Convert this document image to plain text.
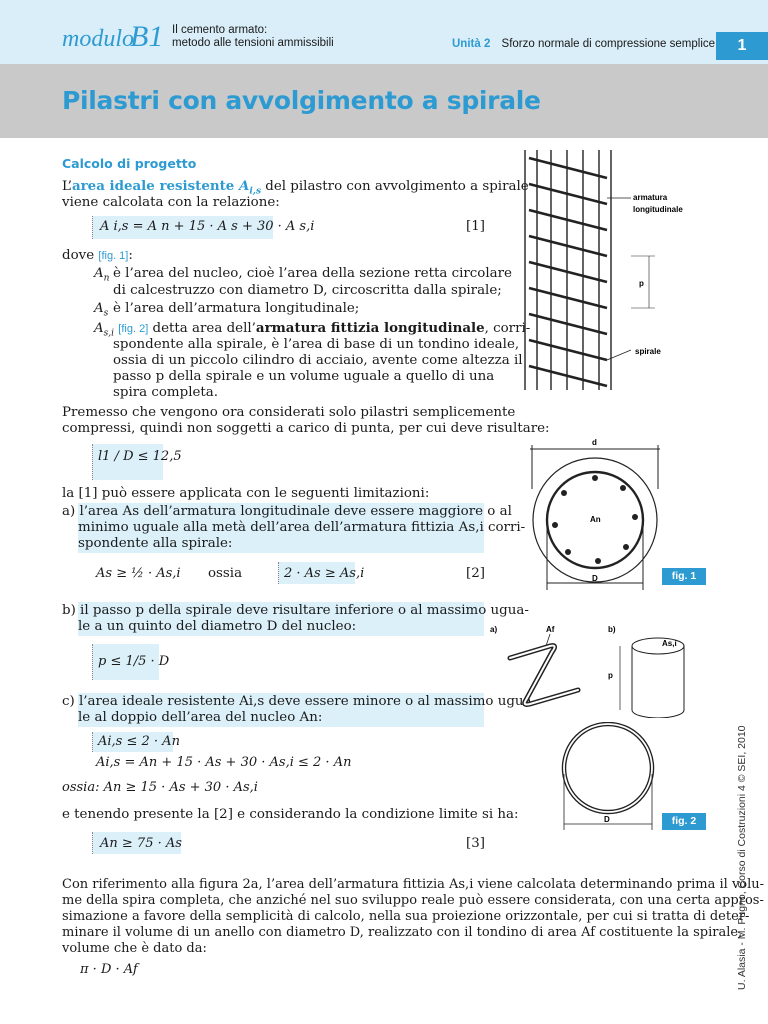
modulo
B1 Il cemento armato:
metodo alle tensioni ammissibili	Unità 2 Sforzo normale di compressione semplice	1
Pilastri con avvolgimento a spirale
Calcolo di progetto
L’area ideale resistente $A_{i,s}$ del pilastro con avvolgimento a spirale
viene calcolata con la relazione:
A i,s = A n + 15 · A s + 30 · A s,i	[1]
dove [fig. 1]:
$A_n$ è l’area del nucleo, cioè l’area della sezione retta circolare
di calcestruzzo con diametro D, circoscritta dalla spirale;
$A_s$ è l’area dell’armatura longitudinale;
$A_{s,i}$ [fig. 2] detta area dell’armatura fittizia longitudinale, corri-
spondente alla spirale, è l’area di base di un tondino ideale,
ossia di un piccolo cilindro di acciaio, avente come altezza il
passo p della spirale e un volume uguale a quello di una
spira completa.
Premesso che vengono ora considerati solo pilastri semplicemente
compressi, quindi non soggetti a carico di punta, per cui deve risultare:
l1 / D ≤ 12,5
la [1] può essere applicata con le seguenti limitazioni:
a) l’area As dell’armatura longitudinale deve essere maggiore o al
minimo uguale alla metà dell’area dell’armatura fittizia As,i corri-
spondente alla spirale:
As ≥ ½ · As,i ossia	2 · As ≥ As,i	[2]
b) il passo p della spirale deve risultare inferiore o al massimo ugua-
le a un quinto del diametro D del nucleo:
p ≤ 1/5 · D
c) l’area ideale resistente Ai,s deve essere minore o al massimo ugua-
le al doppio dell’area del nucleo An:
Ai,s ≤ 2 · An
Ai,s = An + 15 · As + 30 · As,i ≤ 2 · An
ossia: An ≥ 15 · As + 30 · As,i
e tenendo presente la [2] e considerando la condizione limite si ha:
An ≥ 75 · As	[3]
Con riferimento alla figura 2a, l’area dell’armatura fittizia As,i viene calcolata determinando prima il volu-
me della spira completa, che anziché nel suo sviluppo reale può essere considerata, con una certa appros-
simazione a favore della semplicità di calcolo, nella sua proiezione orizzontale, per cui si tratta di deter-
minare il volume di un anello con diametro D, realizzato con il tondino di area Af costituente la spirale,
volume che è dato da:
π · D · Af
armatura
longitudinale
p
spirale
d
An
D	fig. 1
a)	Af	b)
As,i
p
D	fig. 2	U. Alasia - M. Pugno, Corso di Costruzioni 4 © SEI, 2010
